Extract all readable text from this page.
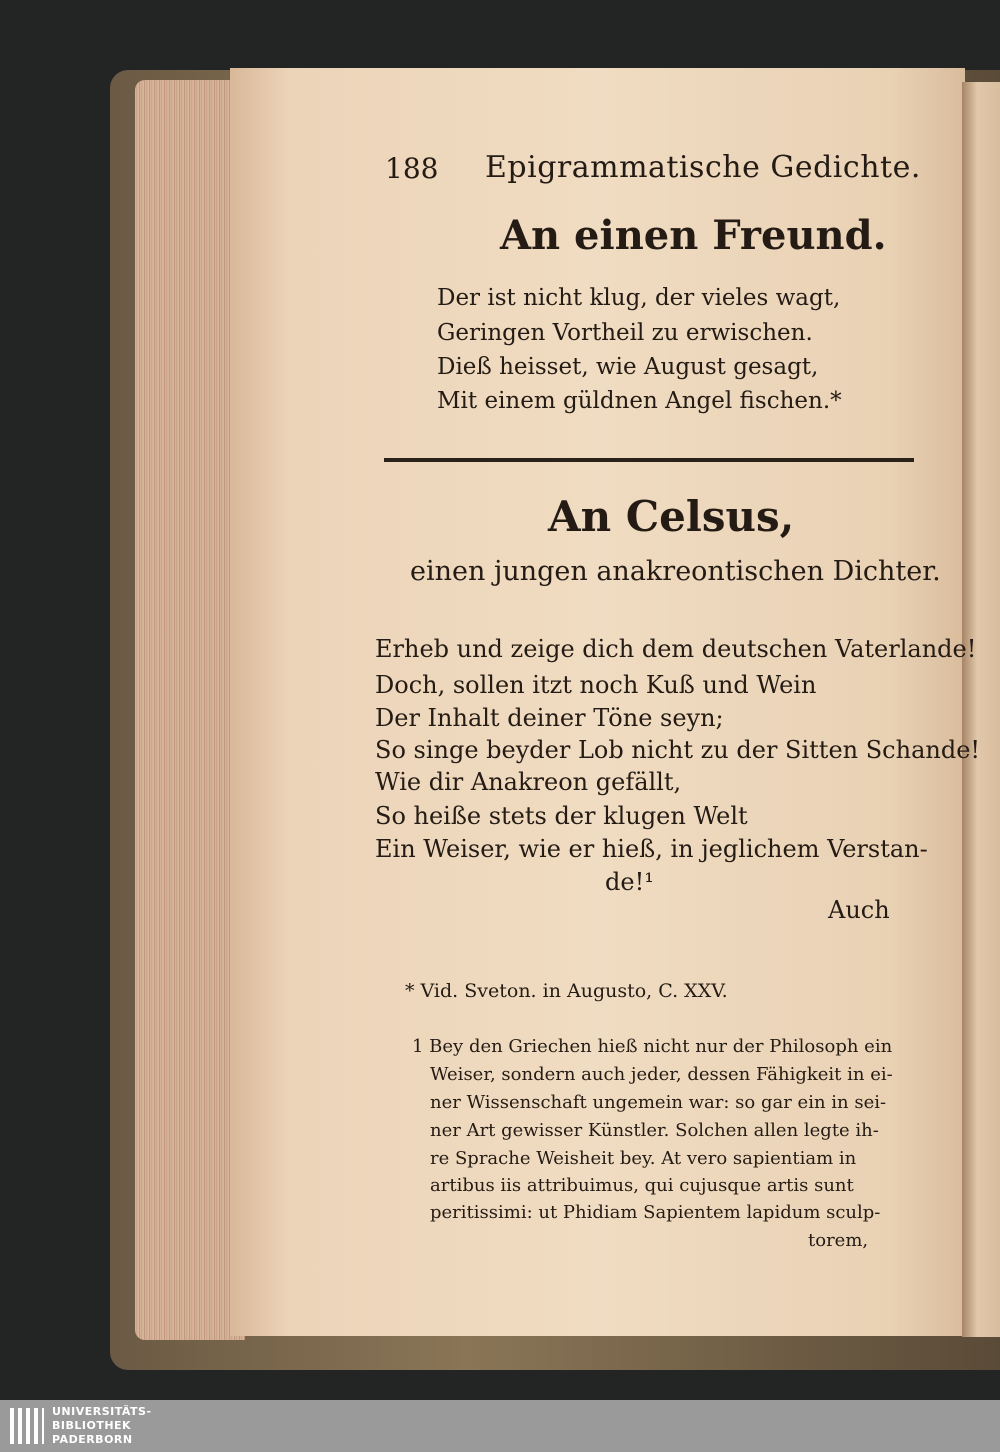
188 Epigrammatische Gedichte.
An einen Freund.
Der ist nicht klug, der vieles wagt,
Geringen Vortheil zu erwischen.
Dieß heisset, wie August gesagt,
Mit einem güldnen Angel fischen.*
An Celsus,
einen jungen anakreontischen Dichter.
Erheb und zeige dich dem deutschen Vaterlande!
Doch, sollen itzt noch Kuß und Wein
Der Inhalt deiner Töne seyn;
So singe beyder Lob nicht zu der Sitten Schande!
Wie dir Anakreon gefällt,
So heiße stets der klugen Welt
Ein Weiser, wie er hieß, in jeglichem Verstan-
de!¹
Auch
* Vid. Sveton. in Augusto, C. XXV.
1 Bey den Griechen hieß nicht nur der Philosoph ein
Weiser, sondern auch jeder, dessen Fähigkeit in ei-
ner Wissenschaft ungemein war: so gar ein in sei-
ner Art gewisser Künstler. Solchen allen legte ih-
re Sprache Weisheit bey. At vero sapientiam in
artibus iis attribuimus, qui cujusque artis sunt
peritissimi: ut Phidiam Sapientem lapidum sculp-
torem,
UNIVERSITÄTS-
BIBLIOTHEK
PADERBORN
